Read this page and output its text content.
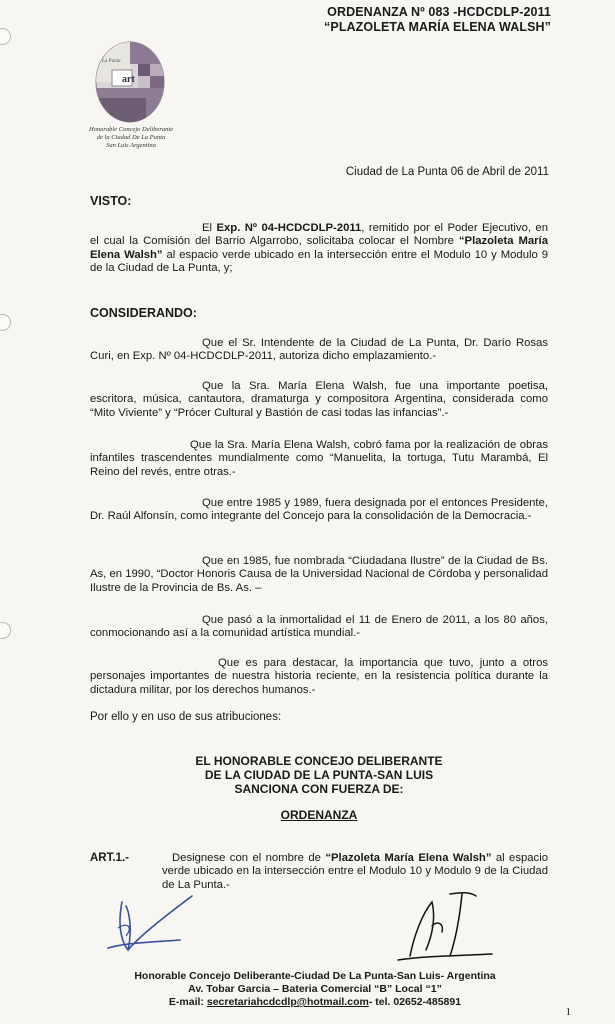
ORDENANZA Nº 083 -HCDCDLP-2011
“PLAZOLETA MARÍA ELENA WALSH”
art
La Punta
Honorable Concejo Deliberante
de la Ciudad De La Punta
San Luis Argentina
Ciudad de La Punta 06 de Abril de 2011
VISTO:

El Exp. Nº 04-HCDCDLP-2011, remitido por el Poder Ejecutivo, en el cual la Comisión del Barrio Algarrobo, solicitaba colocar el Nombre “Plazoleta María Elena Walsh” al espacio verde ubicado en la intersección entre el Modulo 10 y Modulo 9 de la Ciudad de La Punta, y;

CONSIDERANDO:

Que el Sr. Intendente de la Ciudad de La Punta, Dr. Darío Rosas Curi, en Exp. Nº 04-HCDCDLP-2011, autoriza dicho emplazamiento.-

Que la Sra. María Elena Walsh, fue una importante poetisa, escritora, música, cantautora, dramaturga y compositora Argentina, considerada como “Mito Viviente” y “Prócer Cultural y Bastión de casi todas las infancias”.-

Que la Sra. María Elena Walsh, cobró fama por la realización de obras infantiles trascendentes mundialmente como “Manuelita, la tortuga, Tutu Marambá, El Reino del revés, entre otras.-

Que entre 1985 y 1989, fuera designada por el entonces Presidente, Dr. Raúl Alfonsín, como integrante del Concejo para la consolidación de la Democracia.-

Que en 1985, fue nombrada “Ciudadana Ilustre” de la Ciudad de Bs. As, en 1990, “Doctor Honoris Causa de la Universidad Nacional de Córdoba y personalidad Ilustre de la Provincia de Bs. As. –

Que pasó a la inmortalidad el 11 de Enero de 2011, a los 80 años, conmocionando así a la comunidad artística mundial.-

Que es para destacar, la importancia que tuvo, junto a otros personajes importantes de nuestra historia reciente, en la resistencia política durante la dictadura militar, por los derechos humanos.-

Por ello y en uso de sus atribuciones:
EL HONORABLE CONCEJO DELIBERANTE
DE LA CIUDAD DE LA PUNTA-SAN LUIS
SANCIONA CON FUERZA DE:
ORDENANZA
ART.1.-	Designese con el nombre de “Plazoleta María Elena Walsh” al espacio verde ubicado en la intersección entre el Modulo 10 y Modulo 9 de la Ciudad de La Punta.-

Honorable Concejo Deliberante-Ciudad De La Punta-San Luis- Argentina
Av. Tobar Garcia – Bateria Comercial “B” Local “1”
E-mail: secretariahcdcdlp@hotmail.com- tel. 02652-485891
1
